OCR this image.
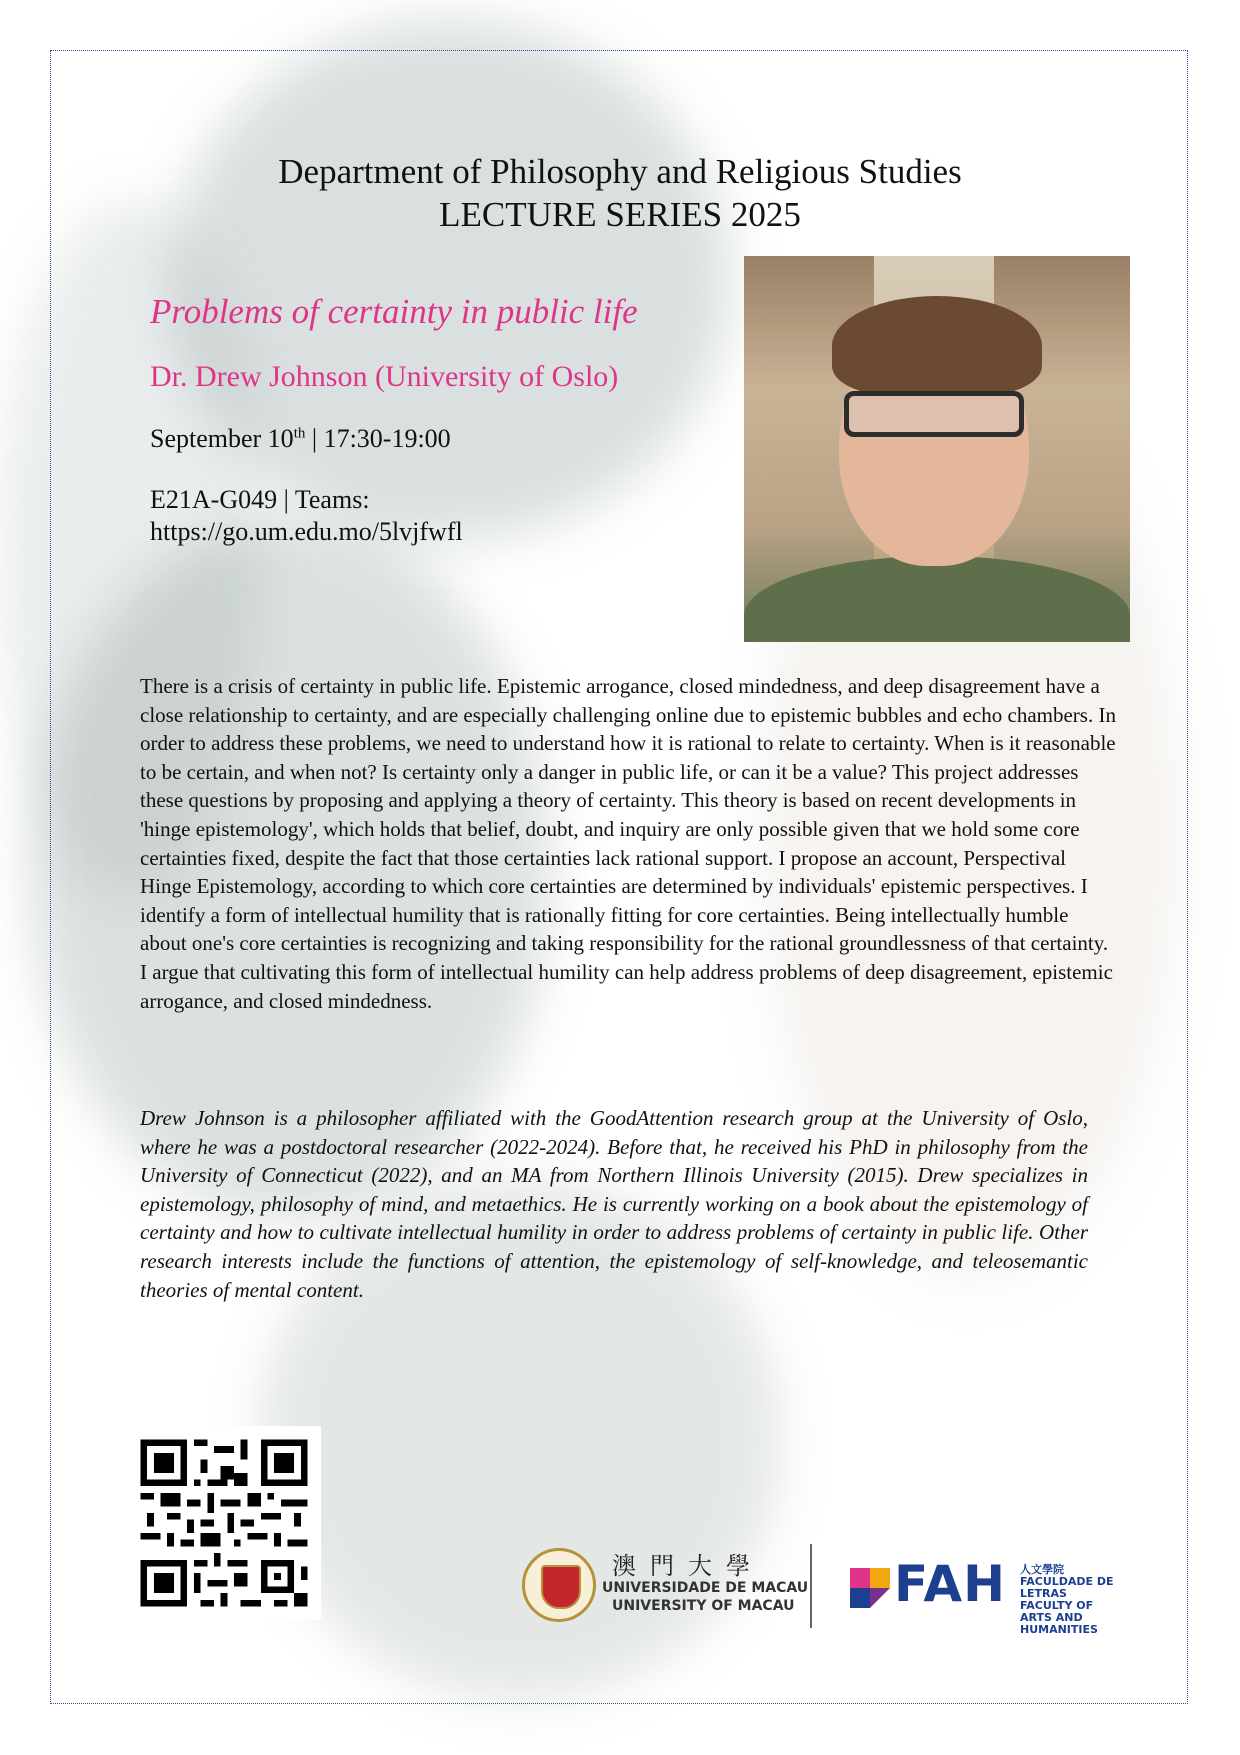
Department of Philosophy and Religious Studies
LECTURE SERIES 2025
Problems of certainty in public life
Dr. Drew Johnson (University of Oslo)
September 10th | 17:30-19:00
E21A-G049 | Teams:
https://go.um.edu.mo/5lvjfwfl
There is a crisis of certainty in public life. Epistemic arrogance, closed mindedness, and deep disagreement have a close relationship to certainty, and are especially challenging online due to epistemic bubbles and echo chambers. In order to address these problems, we need to understand how it is rational to relate to certainty. When is it reasonable to be certain, and when not? Is certainty only a danger in public life, or can it be a value? This project addresses these questions by proposing and applying a theory of certainty. This theory is based on recent developments in 'hinge epistemology', which holds that belief, doubt, and inquiry are only possible given that we hold some core certainties fixed, despite the fact that those certainties lack rational support. I propose an account, Perspectival Hinge Epistemology, according to which core certainties are determined by individuals' epistemic perspectives. I identify a form of intellectual humility that is rationally fitting for core certainties. Being intellectually humble about one's core certainties is recognizing and taking responsibility for the rational groundlessness of that certainty. I argue that cultivating this form of intellectual humility can help address problems of deep disagreement, epistemic arrogance, and closed mindedness.
Drew Johnson is a philosopher affiliated with the GoodAttention research group at the University of Oslo, where he was a postdoctoral researcher (2022-2024). Before that, he received his PhD in philosophy from the University of Connecticut (2022), and an MA from Northern Illinois University (2015). Drew specializes in epistemology, philosophy of mind, and metaethics. He is currently working on a book about the epistemology of certainty and how to cultivate intellectual humility in order to address problems of certainty in public life. Other research interests include the functions of attention, the epistemology of self-knowledge, and teleosemantic theories of mental content.
澳門大學
UNIVERSIDADE DE MACAU
UNIVERSITY OF MACAU FAH 人文學院
FACULDADE DE LETRAS
FACULTY OF
ARTS AND HUMANITIES
